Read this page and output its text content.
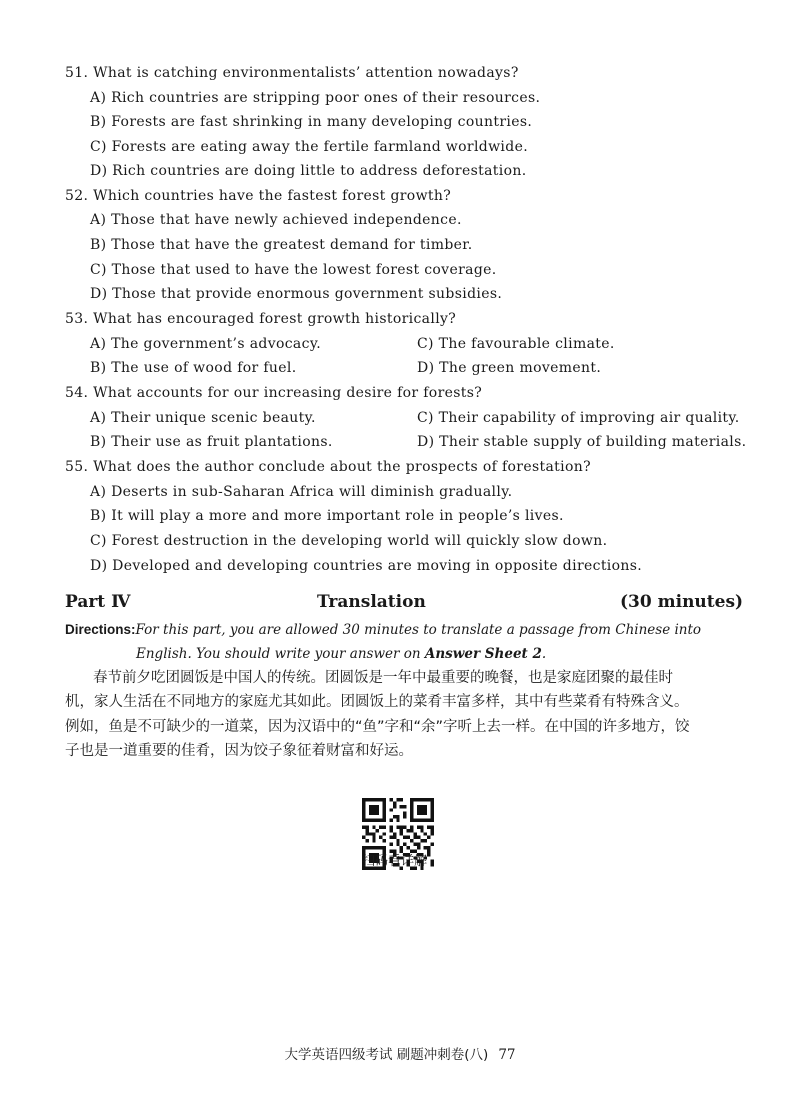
51. What is catching environmentalists’ attention nowadays?
A) Rich countries are stripping poor ones of their resources.
B) Forests are fast shrinking in many developing countries.
C) Forests are eating away the fertile farmland worldwide.
D) Rich countries are doing little to address deforestation.
52. Which countries have the fastest forest growth?
A) Those that have newly achieved independence.
B) Those that have the greatest demand for timber.
C) Those that used to have the lowest forest coverage.
D) Those that provide enormous government subsidies.
53. What has encouraged forest growth historically?
A) The government’s advocacy.	C) The favourable climate.
B) The use of wood for fuel.	D) The green movement.
54. What accounts for our increasing desire for forests?
A) Their unique scenic beauty.	C) Their capability of improving air quality.
B) Their use as fruit plantations.	D) Their stable supply of building materials.
55. What does the author conclude about the prospects of forestation?
A) Deserts in sub-Saharan Africa will diminish gradually.
B) It will play a more and more important role in people’s lives.
C) Forest destruction in the developing world will quickly slow down.
D) Developed and developing countries are moving in opposite directions.
Part Ⅳ	Translation	(30 minutes)
Directions:For this part, you are allowed 30 minutes to translate a passage from Chinese into
English. You should write your answer on Answer Sheet 2.
春节前夕吃团圆饭是中国人的传统。团圆饭是一年中最重要的晚餐，也是家庭团聚的最佳时
机，家人生活在不同地方的家庭尤其如此。团圆饭上的菜肴丰富多样，其中有些菜肴有特殊含义。
例如，鱼是不可缺少的一道菜，因为汉语中的“鱼”字和“余”字听上去一样。在中国的许多地方，饺
子也是一道重要的佳肴，因为饺子象征着财富和好运。
扫码看详解
大学英语四级考试 刷题冲刺卷(八) 77
